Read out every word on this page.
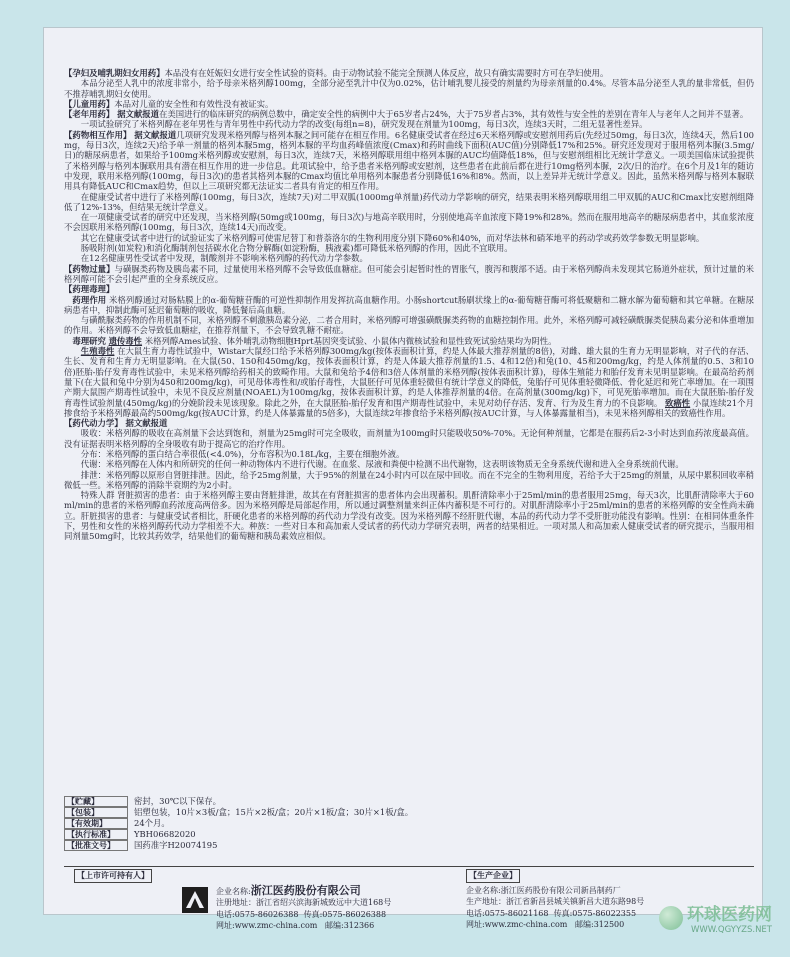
【孕妇及哺乳期妇女用药】本品没有在妊娠妇女进行安全性试验的资料。由于动物试验不能完全预测人体反应，故只有确实需要时方可在孕妇使用。

本品分泌至人乳中的浓度非常小，给予母亲米格列醇100mg，全部分泌至乳汁中仅为0.02%，估计哺乳婴儿接受的剂量约为母亲剂量的0.4%。尽管本品分泌至人乳的量非常低，但仍不推荐哺乳期妇女使用。

【儿童用药】本品对儿童的安全性和有效性没有被证实。

【老年用药】 据文献报道在美国进行的临床研究的病例总数中，确定安全性的病例中大于65岁者占24%，大于75岁者占3%，其有效性与安全性的差别在青年人与老年人之间并不显著。

一项试验研究了米格列醇在老年男性与青年男性中药代动力学的改变(每组n=8)，研究发现在剂量为100mg，每日3次，连续3天时，二组无显著性差异。

【药物相互作用】 据文献报道几项研究发现米格列醇与格列本脲之间可能存在相互作用。6名健康受试者在经过6天米格列醇或安慰剂用药后(先经过50mg，每日3次，连续4天，然后100mg，每日3次，连续2天)给予单一剂量的格列本脲5mg，格列本脲的平均血药峰值浓度(Cmax)和药时曲线下面积(AUC值)分别降低17%和25%。研究还发现对于服用格列本脲(3.5mg/日)的糖尿病患者，如果给予100mg米格列醇或安慰剂，每日3次，连续7天，米格列醇联用组中格列本脲的AUC均值降低18%，但与安慰剂组相比无统计学意义。一项美国临床试验提供了米格列醇与格列本脲联用具有潜在相互作用的进一步信息。此项试验中，给予患者米格列醇或安慰剂，这些患者在此前后都在进行10mg格列本脲，2次/日的治疗。在6个月及1年的随访中发现，联用米格列醇(100mg，每日3次)的患者其格列本脲的Cmax均值比单用格列本脲患者分别降低16%和8%。然而，以上差异并无统计学意义。因此，虽然米格列醇与格列本脲联用具有降低AUC和Cmax趋势，但以上三项研究都无法证实二者具有肯定的相互作用。

在健康受试者中进行了米格列醇(100mg，每日3次，连续7天)对二甲双胍(1000mg单剂量)药代动力学影响的研究，结果表明米格列醇联用组二甲双胍的AUC和Cmax比安慰剂组降低了12%-13%，但结果无统计学意义。

在一项健康受试者的研究中还发现，当米格列醇(50mg或100mg，每日3次)与地高辛联用时，分别使地高辛血浓度下降19%和28%。然而在服用地高辛的糖尿病患者中，其血浆浓度不会因联用米格列醇(100mg，每日3次，连续14天)而改变。

其它在健康受试者中进行的试验证实了米格列醇可使雷尼替丁和普萘洛尔的生物利用度分别下降60%和40%，而对华法林和硝苯地平的药动学或药效学参数无明显影响。

肠吸附剂(如炭粒)和消化酶制剂包括碳水化合物分解酶(如淀粉酶，胰液素)都可降低米格列醇的作用，因此不宜联用。

在12名健康男性受试者中发现，制酸剂并不影响米格列醇的药代动力学参数。

【药物过量】与磺脲类药物及胰岛素不同，过量使用米格列醇不会导致低血糖症。但可能会引起暂时性的胃胀气，腹泻和腹部不适。由于米格列醇尚未发现其它肠道外症状，预计过量的米格列醇可能不会引起严重的全身系统反应。

【药理毒理】

药理作用 米格列醇通过对肠粘膜上的α-葡萄糖苷酶的可逆性抑制作用发挥抗高血糖作用。小肠shortcut肠刷状缘上的α-葡萄糖苷酶可将低聚糖和二糖水解为葡萄糖和其它单糖。在糖尿病患者中，抑制此酶可延迟葡萄糖的吸收，降低餐后高血糖。

与磺酰脲类药物的作用机制不同，米格列醇不刺激胰岛素分泌，二者合用时，米格列醇可增强磺酰脲类药物的血糖控制作用。此外，米格列醇可减轻磺酰脲类促胰岛素分泌和体重增加的作用。米格列醇不会导致低血糖症，在推荐剂量下，不会导致乳糖不耐症。

毒理研究 遗传毒性 米格列醇Ames试验、体外哺乳动物细胞Hprt基因突变试验、小鼠体内微核试验和显性致死试验结果均为阴性。

生殖毒性 在大鼠生育力毒性试验中，Wistar大鼠经口给予米格列醇300mg/kg(按体表面积计算，约是人体最大推荐剂量的8倍)，对雌、雄大鼠的生育力无明显影响，对子代的存活、生长、发育和生育力无明显影响。在大鼠(50、150和450mg/kg，按体表面积计算，约是人体最大推荐剂量的1.5、4和12倍)和兔(10、45和200mg/kg，约是人体剂量的0.5、3和10倍)胚胎-胎仔发育毒性试验中，未见米格列醇给药相关的致畸作用。大鼠和兔给予4倍和3倍人体剂量的米格列醇(按体表面积计算)，母体生殖能力和胎仔发育未见明显影响。在最高给药剂量下(在大鼠和兔中分别为450和200mg/kg)，可见母体毒性和/或胎仔毒性，大鼠胚仔可见体重轻微但有统计学意义的降低，兔胎仔可见体重轻微降低、骨化延迟和死亡率增加。在一项围产期大鼠围产期毒性试验中，未见不良反应剂量(NOAEL)为100mg/kg，按体表面积计算，约是人体推荐剂量的4倍。在高剂量(300mg/kg)下，可见死胎率增加。而在大鼠胚胎-胎仔发育毒性试验剂量(450mg/kg)的分娩阶段未见该现象。除此之外，在大鼠胚胎-胎仔发育和围产期毒性试验中，未见对幼仔存活、发育、行为及生育力的不良影响。 致癌性 小鼠连续21个月掺食给予米格列醇最高约500mg/kg(按AUC计算，约是人体暴露量的5倍多)，大鼠连续2年掺食给予米格列醇(按AUC计算，与人体暴露量相当)，未见米格列醇相关的致癌性作用。

【药代动力学】 据文献报道

吸收：米格列醇的吸收在高剂量下会达到饱和，剂量为25mg时可完全吸收，而剂量为100mg时只能吸收50%-70%。无论何种剂量，它都是在服药后2-3小时达到血药浓度最高值。没有证据表明米格列醇的全身吸收有助于提高它的治疗作用。

分布：米格列醇的蛋白结合率很低(<4.0%)，分布容积为0.18L/kg，主要在细胞外液。

代谢：米格列醇在人体内和所研究的任何一种动物体内不进行代谢。在血浆、尿液和粪便中检测不出代谢物，这表明该物质无全身系统代谢和进入全身系统前代谢。

排泄：米格列醇以原形自肾脏排泄。因此，给予25mg剂量，大于95%的剂量在24小时内可以在尿中回收。而在不完全的生物利用度，若给予大于25mg的剂量，从尿中累积回收率稍微低一些。米格列醇的消除半衰期约为2小时。

特殊人群 肾脏损害的患者：由于米格列醇主要由肾脏排泄，故其在有肾脏损害的患者体内会出现蓄积。肌酐清除率小于25ml/min的患者服用25mg，每天3次，比肌酐清除率大于60ml/min的患者的米格列醇血药浓度高两倍多。因为米格列醇是局部起作用，所以通过调整剂量来纠正体内蓄积是不可行的。对肌酐清除率小于25ml/min的患者的米格列醇的安全性尚未确立。肝脏损害的患者：与健康受试者相比，肝硬化患者的米格列醇的药代动力学没有改变。因为米格列醇不经肝脏代谢，本品的药代动力学不受肝脏功能没有影响。性别：在相同体重条件下，男性和女性的米格列醇药代动力学相差不大。种族：一些对日本和高加索人受试者的药代动力学研究表明，两者的结果相近。一项对黑人和高加索人健康受试者的研究提示，当服用相同剂量50mg时，比较其药效学，结果他们的葡萄糖和胰岛素效应相似。

【贮藏】	密封，30℃以下保存。
【包装】	铝塑包装，10片×3板/盒；15片×2板/盒；20片×1板/盒；30片×1板/盒。
【有效期】	24个月。
【执行标准】	YBH06682020
【批准文号】	国药准字H20074195
【上市许可持有人】
企业名称:浙江医药股份有限公司
注册地址：浙江省绍兴滨海新城致远中大道168号
电话:0575-86026388 传真:0575-86026388
网址:www.zmc-china.com 邮编:312366
【生产企业】
企业名称:浙江医药股份有限公司新昌制药厂
生产地址：浙江省新昌县城关镇新昌大道东路98号
电话:0575-86021168 传真:0575-86022355
网址:www.zmc-china.com 邮编:312500	环球医药网
WWW.QGYYZS.NET
